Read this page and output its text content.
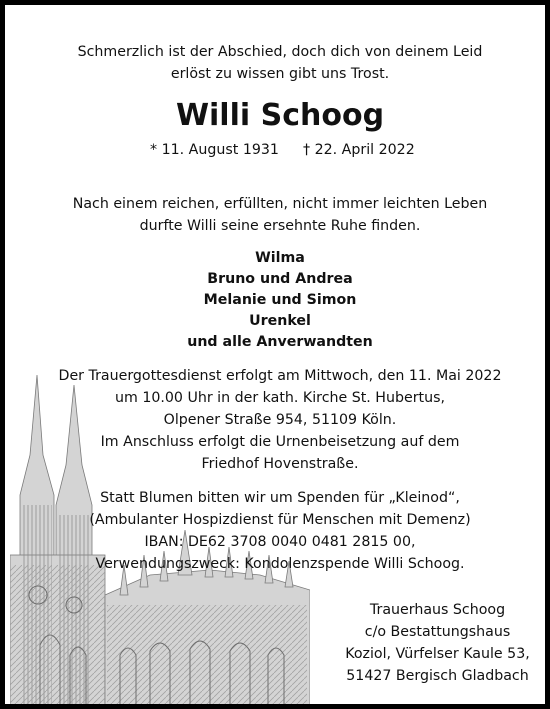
Schmerzlich ist der Abschied, doch dich von deinem Leid
erlöst zu wissen gibt uns Trost.
Willi Schoog
* 11. August 1931 † 22. April 2022
Nach einem reichen, erfüllten, nicht immer leichten Leben
durfte Willi seine ersehnte Ruhe finden.
Wilma
Bruno und Andrea
Melanie und Simon
Urenkel
und alle Anverwandten
Der Trauergottesdienst erfolgt am Mittwoch, den 11. Mai 2022
um 10.00 Uhr in der kath. Kirche St. Hubertus,
Olpener Straße 954, 51109 Köln.
Im Anschluss erfolgt die Urnenbeisetzung auf dem
Friedhof Hovenstraße.
Statt Blumen bitten wir um Spenden für „Kleinod“,
(Ambulanter Hospizdienst für Menschen mit Demenz)
IBAN: DE62 3708 0040 0481 2815 00,
Verwendungszweck: Kondolenzspende Willi Schoog.
Trauerhaus Schoog
c/o Bestattungshaus
Koziol, Vürfelser Kaule 53,
51427 Bergisch Gladbach
